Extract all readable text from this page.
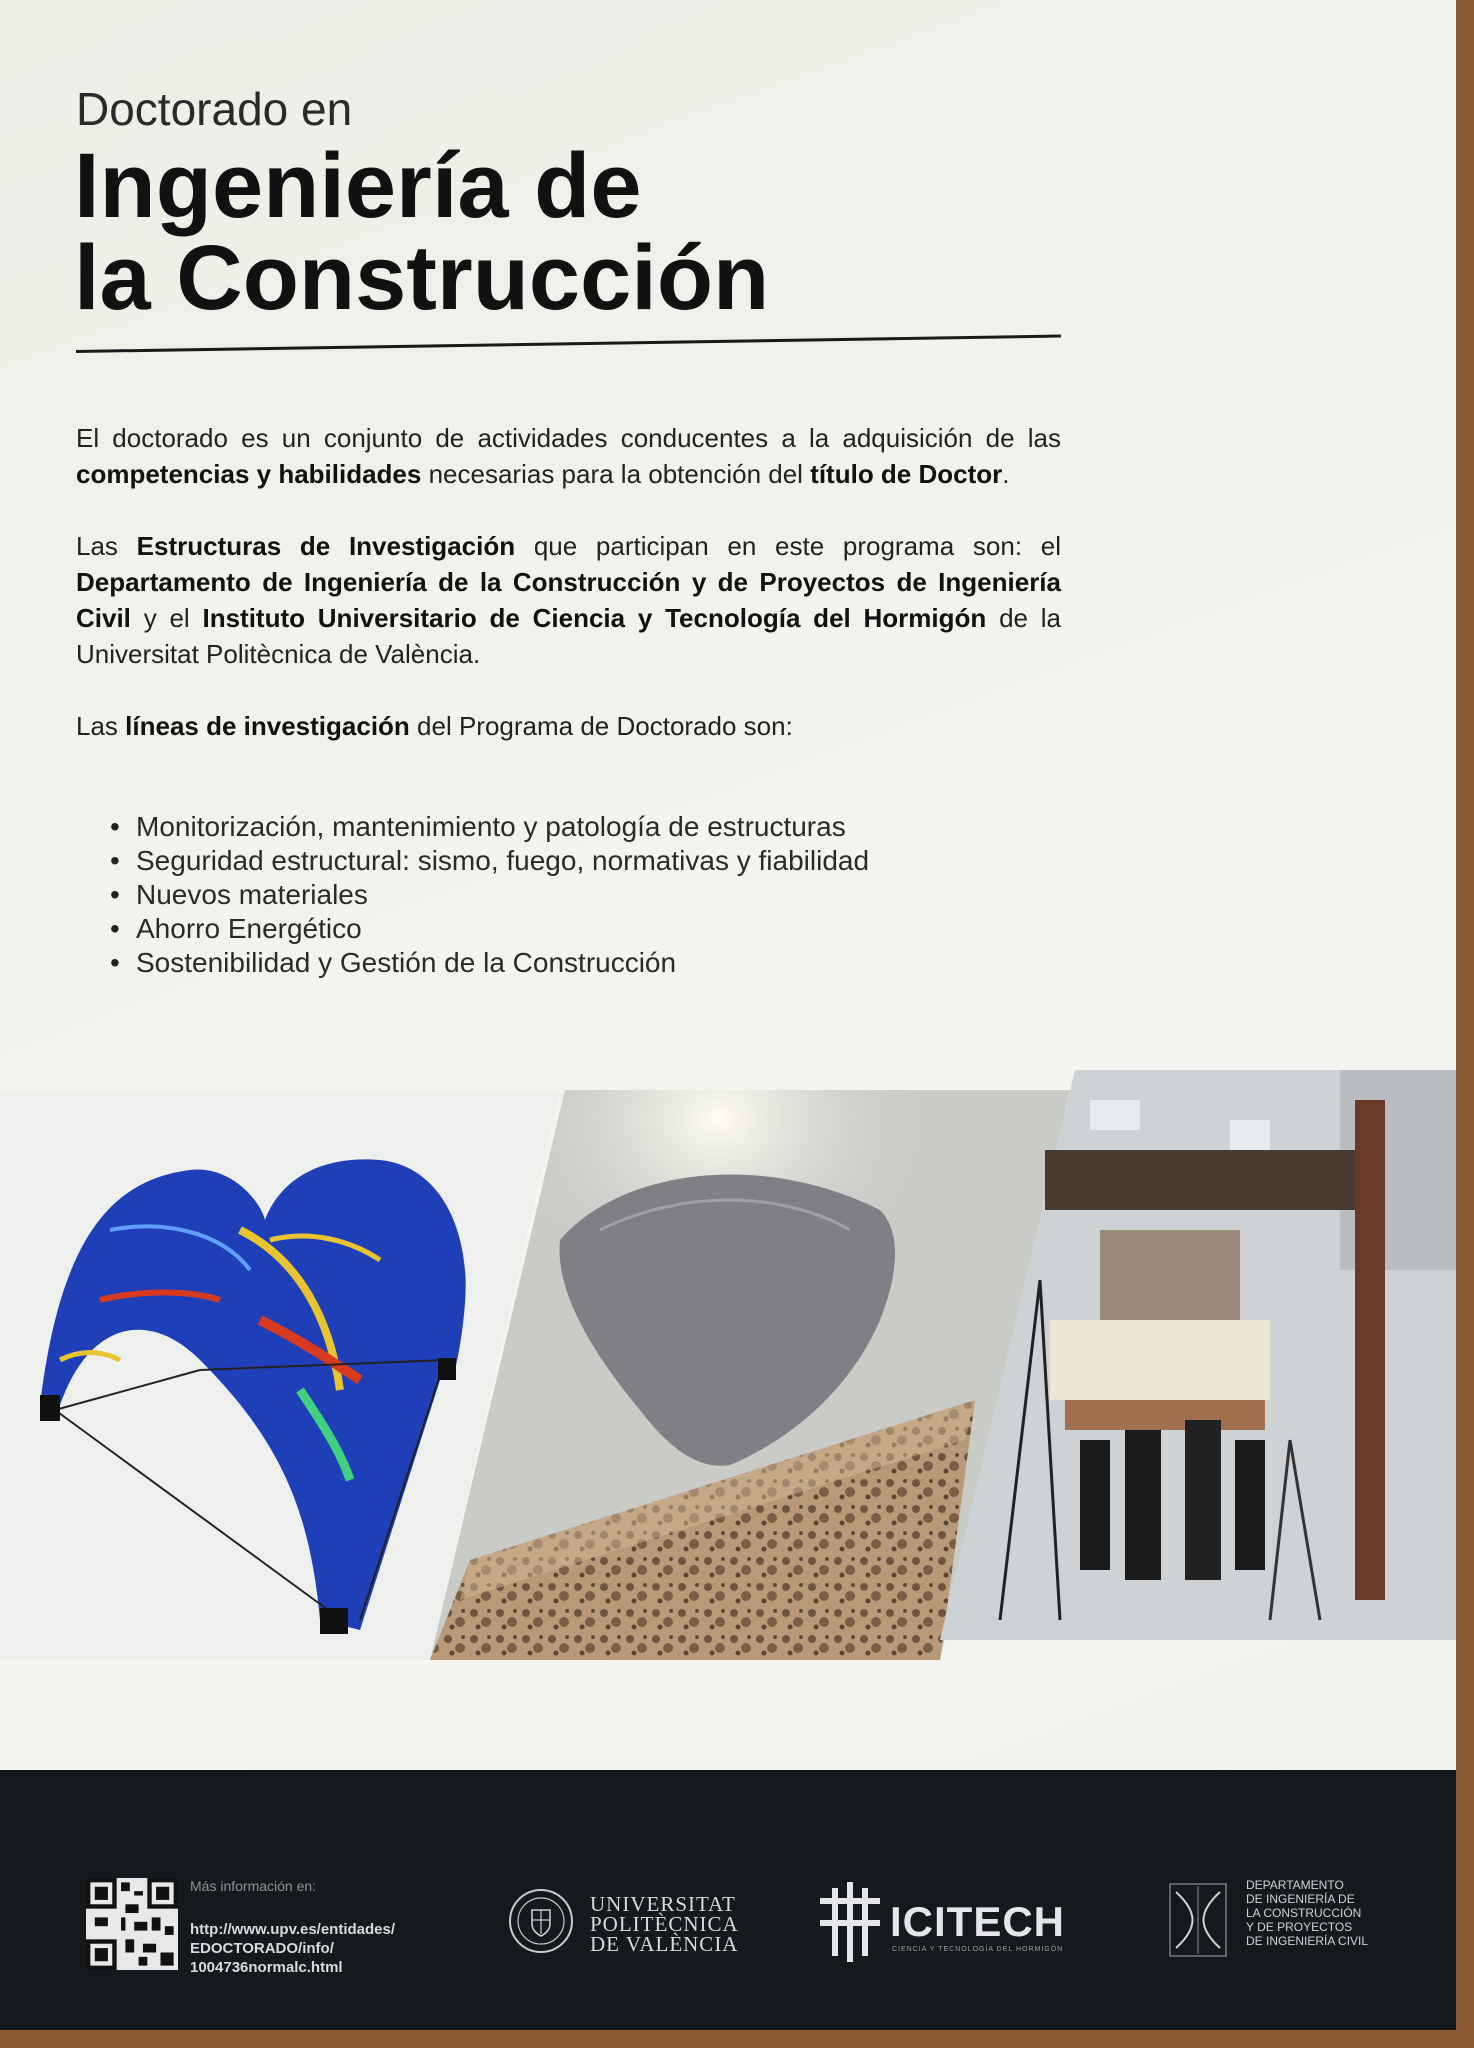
Doctorado en
Ingeniería de
la Construcción

El doctorado es un conjunto de actividades conducentes a la adquisición de las competencias y habilidades necesarias para la obtención del título de Doctor.

Las Estructuras de Investigación que participan en este programa son: el Departamento de Ingeniería de la Construcción y de Proyectos de Ingeniería Civil y el Instituto Universitario de Ciencia y Tecnología del Hormigón de la Universitat Politècnica de València.

Las líneas de investigación del Programa de Doctorado son:

• Monitorización, mantenimiento y patología de estructuras
• Seguridad estructural: sismo, fuego, normativas y fiabilidad
• Nuevos materiales
• Ahorro Energético
• Sostenibilidad y Gestión de la Construcción
Más información en:
http://www.upv.es/entidades/
EDOCTORADO/info/
1004736normalc.html
UNIVERSITAT
POLITÈCNICA
DE VALÈNCIA	ICITECH
CIENCIA Y TECNOLOGÍA DEL HORMIGÓN
DEPARTAMENTO
DE INGENIERÍA DE
LA CONSTRUCCIÓN
Y DE PROYECTOS
DE INGENIERÍA CIVIL
